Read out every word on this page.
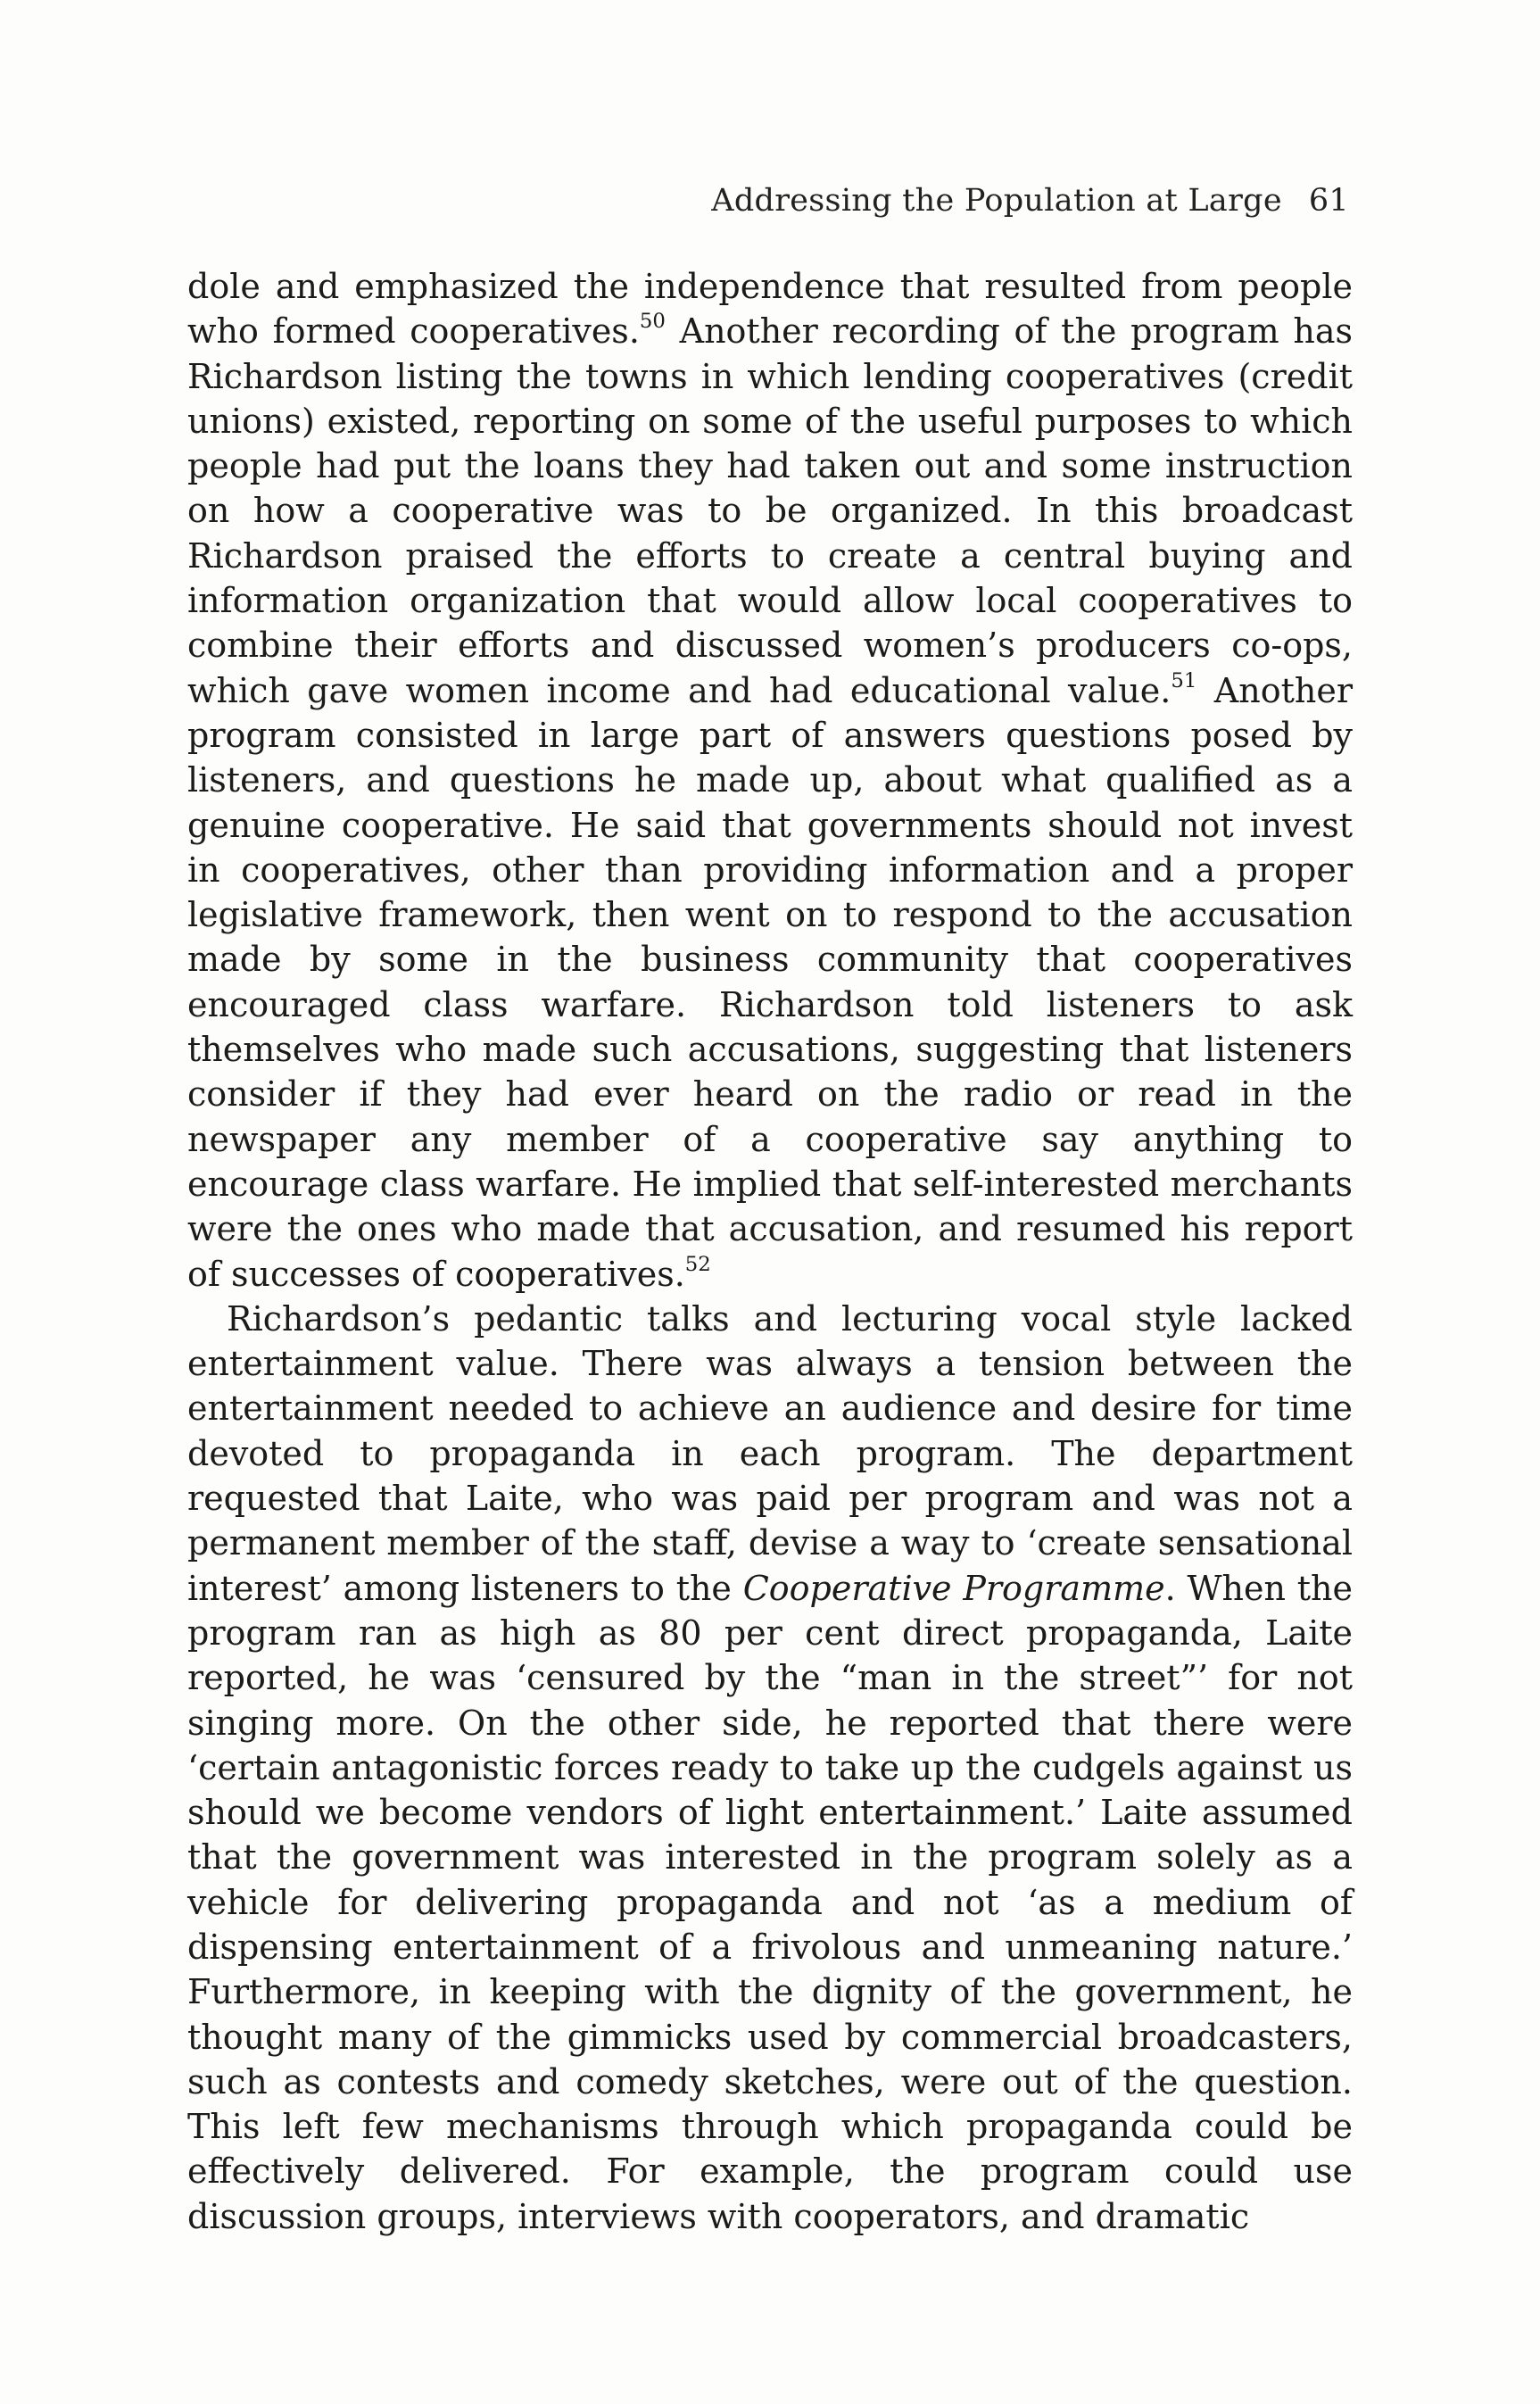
Addressing the Population at Large 61

dole and emphasized the independence that resulted from people who formed cooperatives.$^{50}$ Another recording of the program has Richardson listing the towns in which lending cooperatives (credit unions) existed, reporting on some of the useful purposes to which people had put the loans they had taken out and some instruction on how a cooperative was to be organized. In this broadcast Richardson praised the efforts to create a central buying and information organization that would allow local cooperatives to combine their efforts and discussed women’s producers co-ops, which gave women income and had educational value.$^{51}$ Another program consisted in large part of answers questions posed by listeners, and questions he made up, about what qualified as a genuine cooperative. He said that governments should not invest in cooperatives, other than providing information and a proper legislative framework, then went on to respond to the accusation made by some in the business community that cooperatives encouraged class warfare. Richardson told listeners to ask themselves who made such accusations, suggesting that listeners consider if they had ever heard on the radio or read in the newspaper any member of a cooperative say anything to encourage class warfare. He implied that self-interested merchants were the ones who made that accusation, and resumed his report of successes of cooperatives.$^{52}$

Richardson’s pedantic talks and lecturing vocal style lacked entertainment value. There was always a tension between the entertainment needed to achieve an audience and desire for time devoted to propaganda in each program. The department requested that Laite, who was paid per program and was not a permanent member of the staff, devise a way to ‘create sensational interest’ among listeners to the Cooperative Programme. When the program ran as high as 80 per cent direct propaganda, Laite reported, he was ‘censured by the “man in the street”’ for not singing more. On the other side, he reported that there were ‘certain antagonistic forces ready to take up the cudgels against us should we become vendors of light entertainment.’ Laite assumed that the government was interested in the program solely as a vehicle for delivering propaganda and not ‘as a medium of dispensing entertainment of a frivolous and unmeaning nature.’ Furthermore, in keeping with the dignity of the government, he thought many of the gimmicks used by commercial broadcasters, such as contests and comedy sketches, were out of the question. This left few mechanisms through which propaganda could be effectively delivered. For example, the program could use discussion groups, interviews with cooperators, and dramatic
